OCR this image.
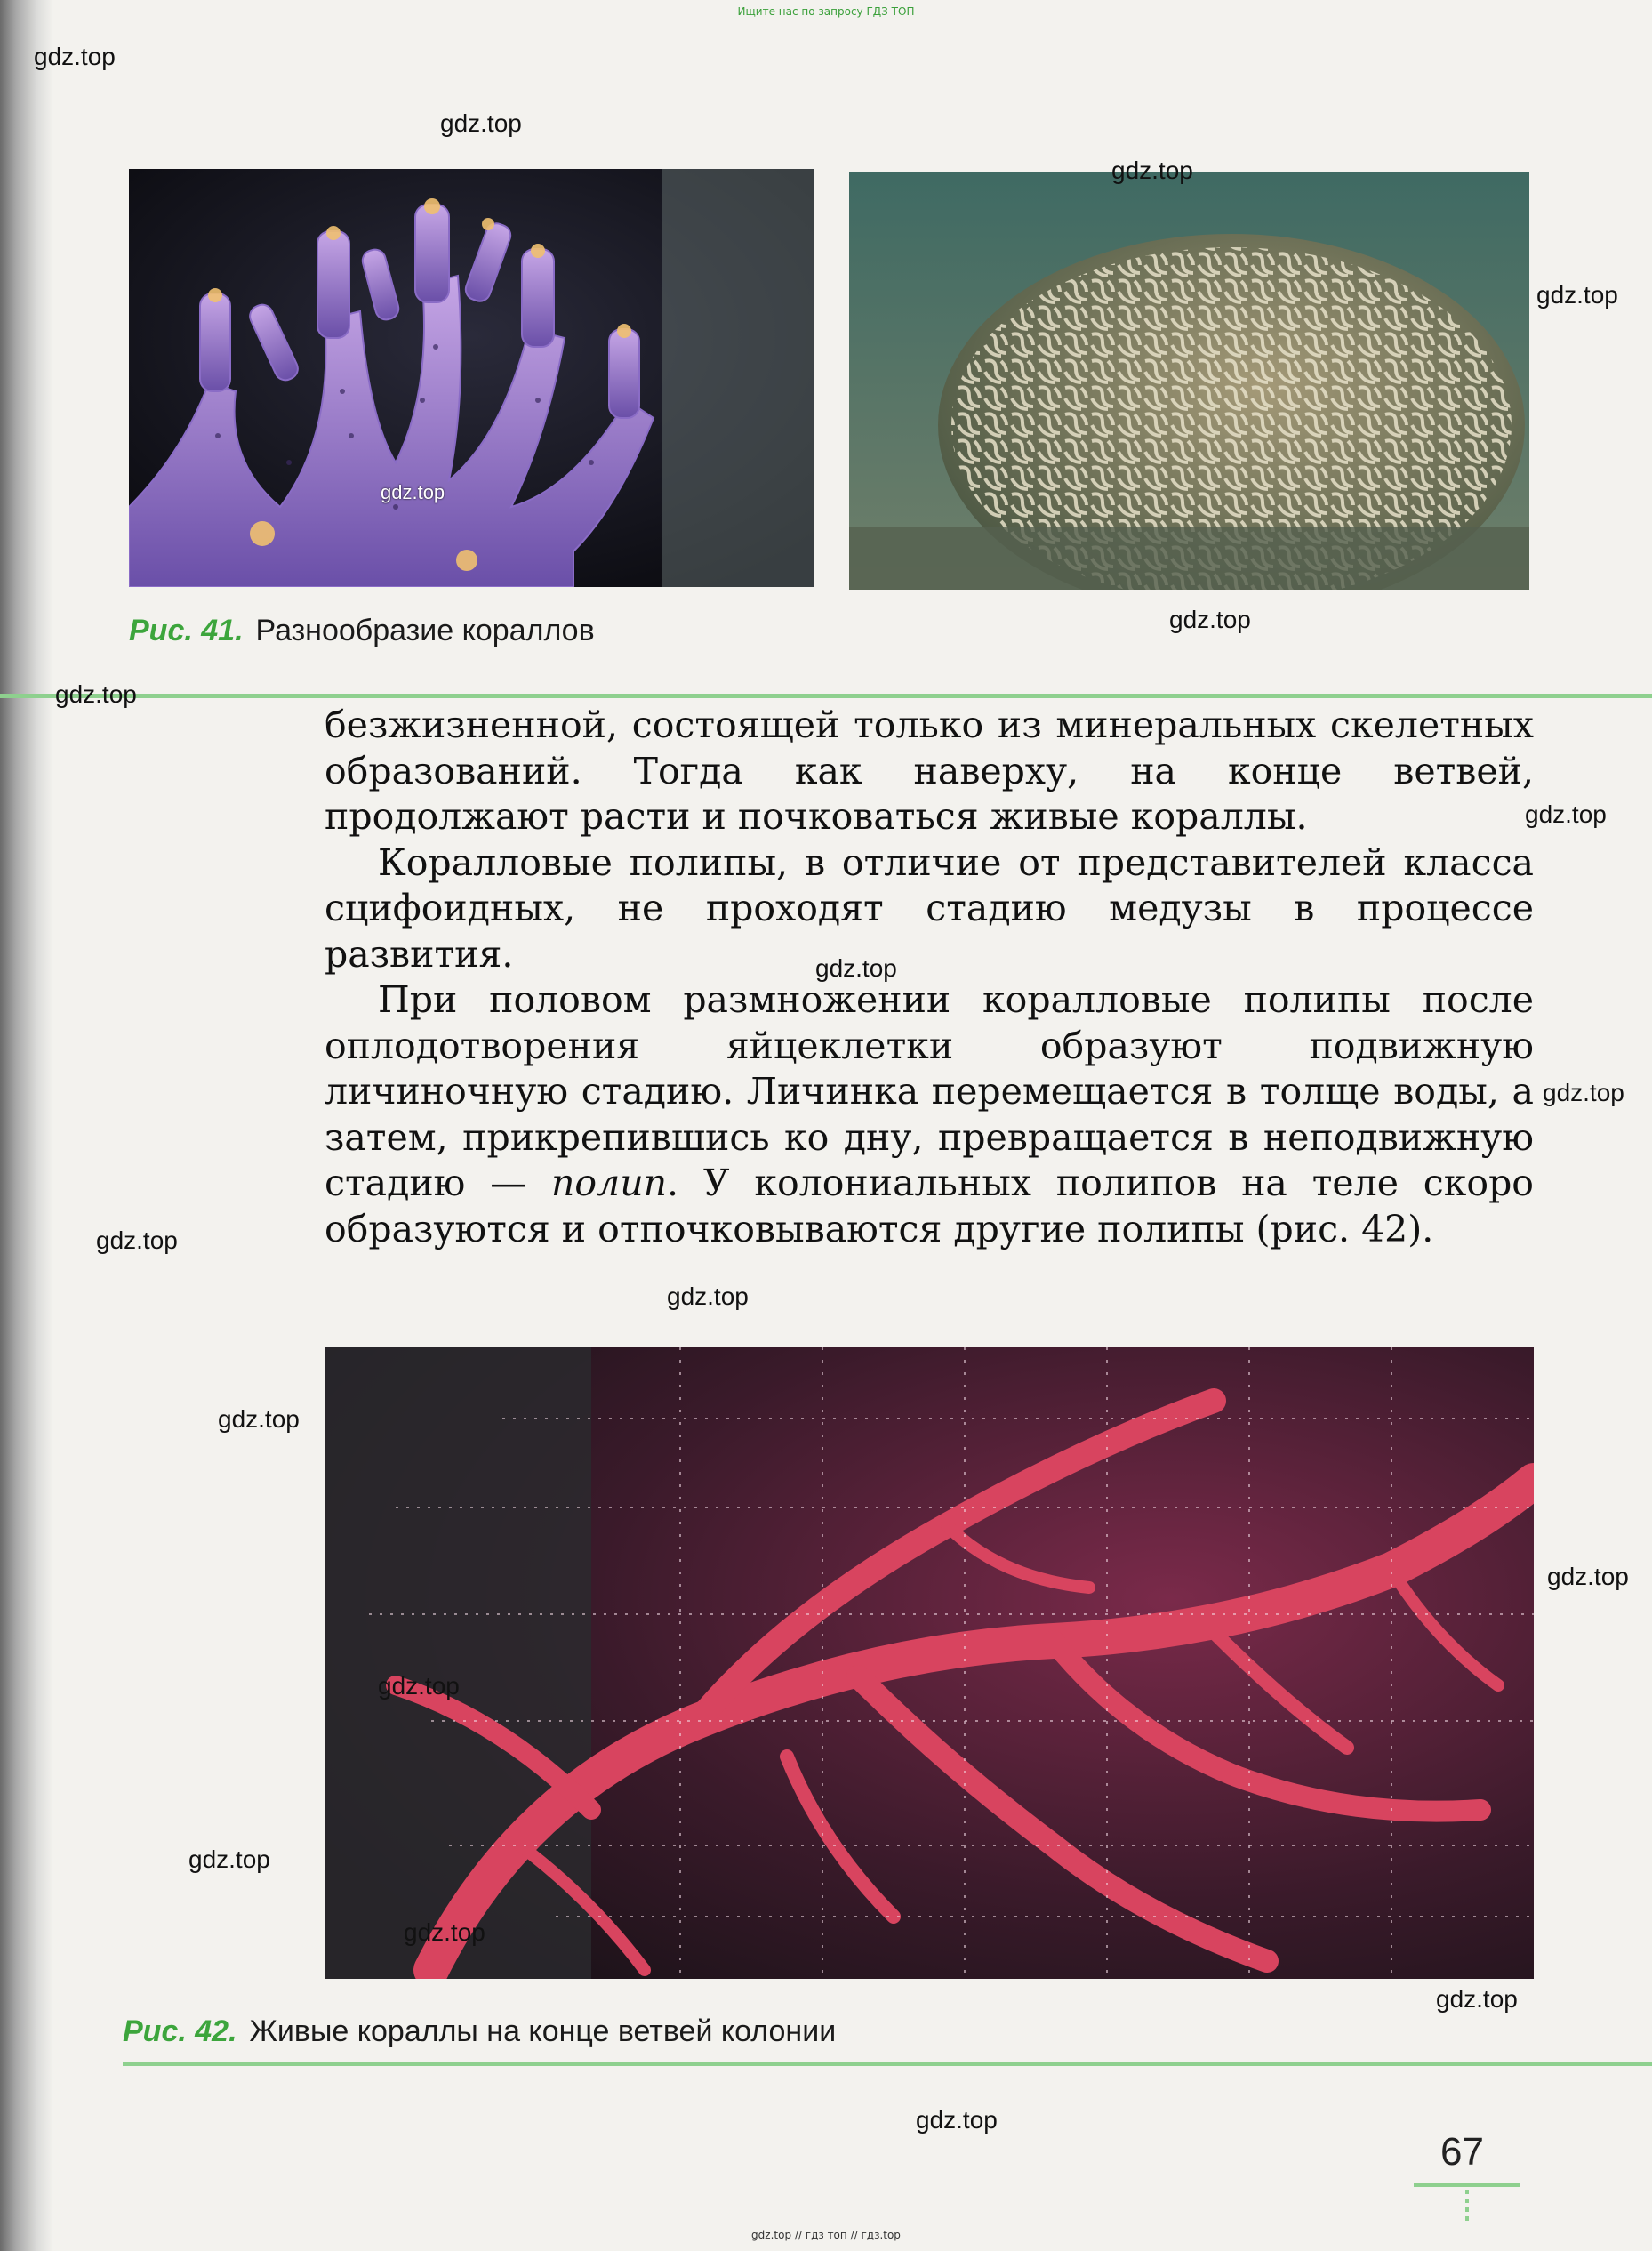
Ищите нас по запросу ГДЗ ТОП
Рис. 41. Разнообразие кораллов

безжизненной, состоящей только из минеральных скелетных образований. Тогда как наверху, на конце ветвей, продолжают расти и почковаться живые кораллы.

Коралловые полипы, в отличие от представителей класса сцифоидных, не проходят стадию медузы в процессе развития.

При половом размножении коралловые полипы после оплодотворения яйцеклетки образуют подвижную личиночную стадию. Личинка перемещается в толще воды, а затем, прикрепившись ко дну, превращается в неподвижную стадию — полип. У колониальных полипов на теле скоро образуются и отпочковываются другие полипы (рис. 42).

Рис. 42. Живые кораллы на конце ветвей колонии
67
gdz.top
gdz.top
gdz.top
gdz.top
gdz.top
gdz.top
gdz.top
gdz.top
gdz.top
gdz.top
gdz.top
gdz.top
gdz.top
gdz.top
gdz.top
gdz.top
gdz.top
gdz.top
gdz.top
gdz.top // гдз топ // гдз.top
